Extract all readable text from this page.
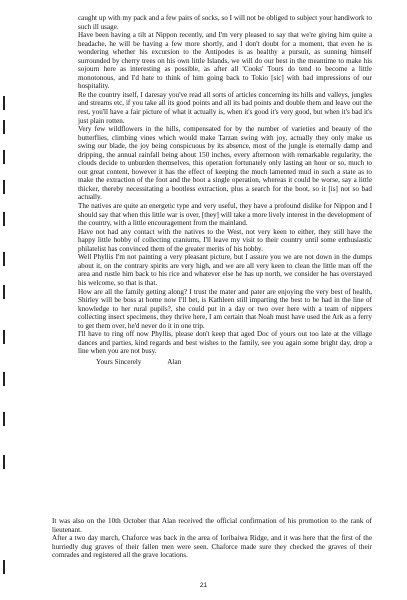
caught up with my pack and a few pairs of socks, so I will not be obliged to subject your handiwork to such ill usage.

Have been having a tilt at Nippon recently, and I'm very pleased to say that we're giving him quite a headache, he will be having a few more shortly, and I don't doubt for a moment, that even he is wondering whether his excursion to the Antipodes is as healthy a pursuit, as sunning himself surrounded by cherry trees on his own little Islands, we will do our best in the meantime to make his sojourn here as interesting as possible, as after all 'Cooks' Tours do tend to become a little monotonous, and I'd hate to think of him going back to Tokio [sic] with bad impressions of our hospitality.

Re the country itself, I daresay you've read all sorts of articles concerning its hills and valleys, jungles and streams etc, if you take all its good points and all its bad points and double them and leave out the rest, you'll have a fair picture of what it actually is, when it's good it's very good, but when it's bad it's just plain rotten.

Very few wildflowers in the hills, compensated for by the number of varieties and beauty of the butterflies, climbing vines which would make Tarzan swing with joy, actually they only make us swing our blade, the joy being conspicuous by its absence, most of the jungle is eternally damp and dripping, the annual rainfall being about 150 inches, every afternoon with remarkable regularity, the clouds decide to unburden themselves, this operation fortunately only lasting an hour or so, much to our great content, however it has the effect of keeping the much lamented mud in such a state as to make the extraction of the foot and the boot a single operation, whereas it could be worse, say a little thicker, thereby necessitating a bootless extraction, plus a search for the boot, so it [is] not so bad actually.

The natives are quite an energetic type and very useful, they have a profound dislike for Nippon and I should say that when this little war is over, [they] will take a more lively interest in the development of the country, with a little encouragement from the mainland.

Have not had any contact with the natives to the West, not very keen to either, they still have the happy little hobby of collecting craniums, I'll leave my visit to their country until some enthusiastic philatelist has convinced them of the greater merits of his hobby.

Well Phyllis I'm not painting a very pleasant picture, but I assure you we are not down in the dumps about it, on the contrary spirits are very high, and we are all very keen to clean the little man off the area and rustle him back to his rice and whatever else he has up north, we consider he has overstayed his welcome, so that is that.

How are all the family getting along? I trust the mater and pater are enjoying the very best of health, Shirley will be boss at home now I'll bet, is Kathleen still imparting the best to be had in the line of knowledge to her rural pupils?, she could put in a day or two over here with a team of nippers collecting insect specimens, they thrive here, I am certain that Noah must have used the Ark as a ferry to get them over, he'd never do it in one trip.

I'll have to ring off now Phyllis, please don't keep that aged Doc of yours out too late at the village dances and parties, kind regards and best wishes to the family, see you again some bright day, drop a line when you are not busy.

Yours Sincerely	Alan

It was also on the 10th October that Alan received the official confirmation of his promotion to the rank of lieutenant.

After a two day march, Chaforce was back in the area of Ioribaiwa Ridge, and it was here that the first of the hurriedly dug graves of their fallen men were seen. Chaforce made sure they checked the graves of their comrades and registered all the grave locations.

21
